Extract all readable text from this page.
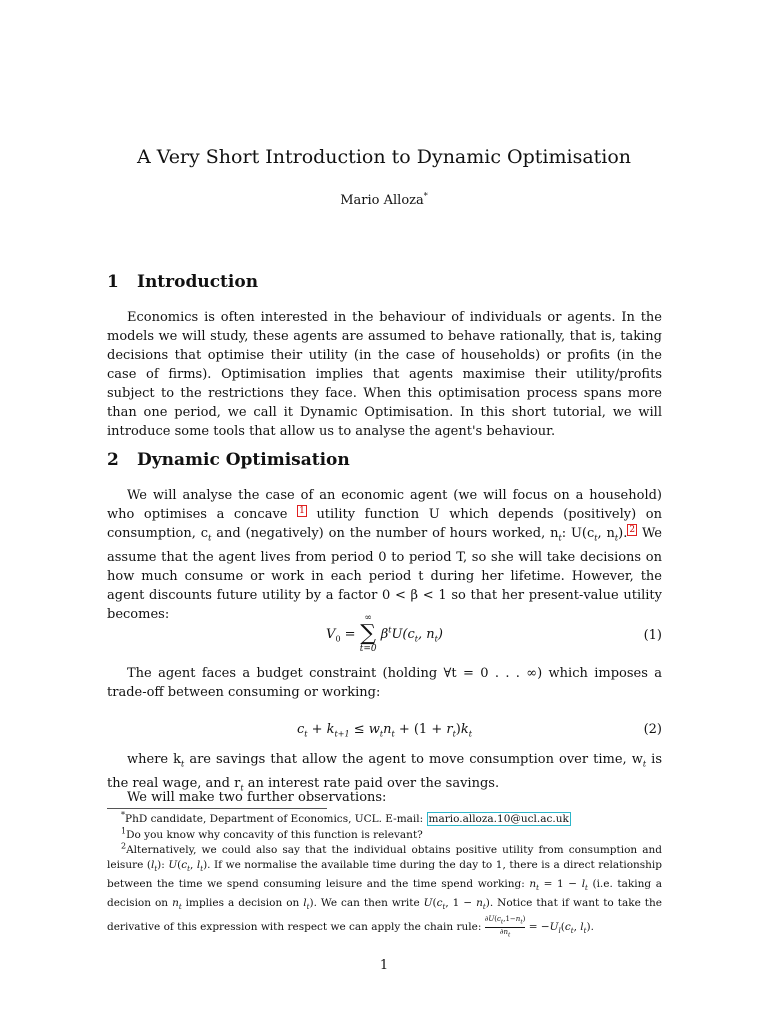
A Very Short Introduction to Dynamic Optimisation
Mario Alloza*
1 Introduction
Economics is often interested in the behaviour of individuals or agents. In the models we will study, these agents are assumed to behave rationally, that is, taking decisions that optimise their utility (in the case of households) or profits (in the case of firms). Optimisation implies that agents maximise their utility/profits subject to the restrictions they face. When this optimisation process spans more than one period, we call it Dynamic Optimisation. In this short tutorial, we will introduce some tools that allow us to analyse the agent's behaviour.
2 Dynamic Optimisation
We will analyse the case of an economic agent (we will focus on a household) who optimises a concave $^1$ utility function U which depends (positively) on consumption, $c_t$ and (negatively) on the number of hours worked, $n_t$: $U(c_t$, $n_t$). $^2$ We assume that the agent lives from period 0 to period T, so she will take decisions on how much consume or work in each period t during her lifetime. However, the agent discounts future utility by a factor 0 < β < 1 so that her present-value utility becomes:
$V_0$ =
∞
∑
t=0
$\beta^tU(c_t$, $n_t$)	(1)
The agent faces a budget constraint (holding ∀t = 0 . . . ∞) which imposes a trade-off between consuming or working:
$c_t + k_{t+1} \le w_tn_t + (1 + r_t)k_t$	(2)
where $k_t$ are savings that allow the agent to move consumption over time, $w_t$ is the real wage, and $r_t$ an interest rate paid over the savings.
We will make two further observations:
*PhD candidate, Department of Economics, UCL. E-mail: mario.alloza.10@ucl.ac.uk
$^1$Do you know why concavity of this function is relevant?
$^2$Alternatively, we could also say that the individual obtains positive utility from consumption and leisure $(l_t)$: $U(c_t$, $l_t$). If we normalise the available time during the day to 1, there is a direct relationship between the time we spend consuming leisure and the time spend working: $n_t = 1 - l_t$ (i.e. taking a decision on $n_t$ implies a decision on $l_t$). We can then write $U(c_t$, $1 - n_t$). Notice that if want to take the derivative of this expression with respect we can apply the chain rule: $\frac{\partial U(c_t,1-n_t)}{\partial n_t} = -U_l(c_t$, $l_t$).
1
